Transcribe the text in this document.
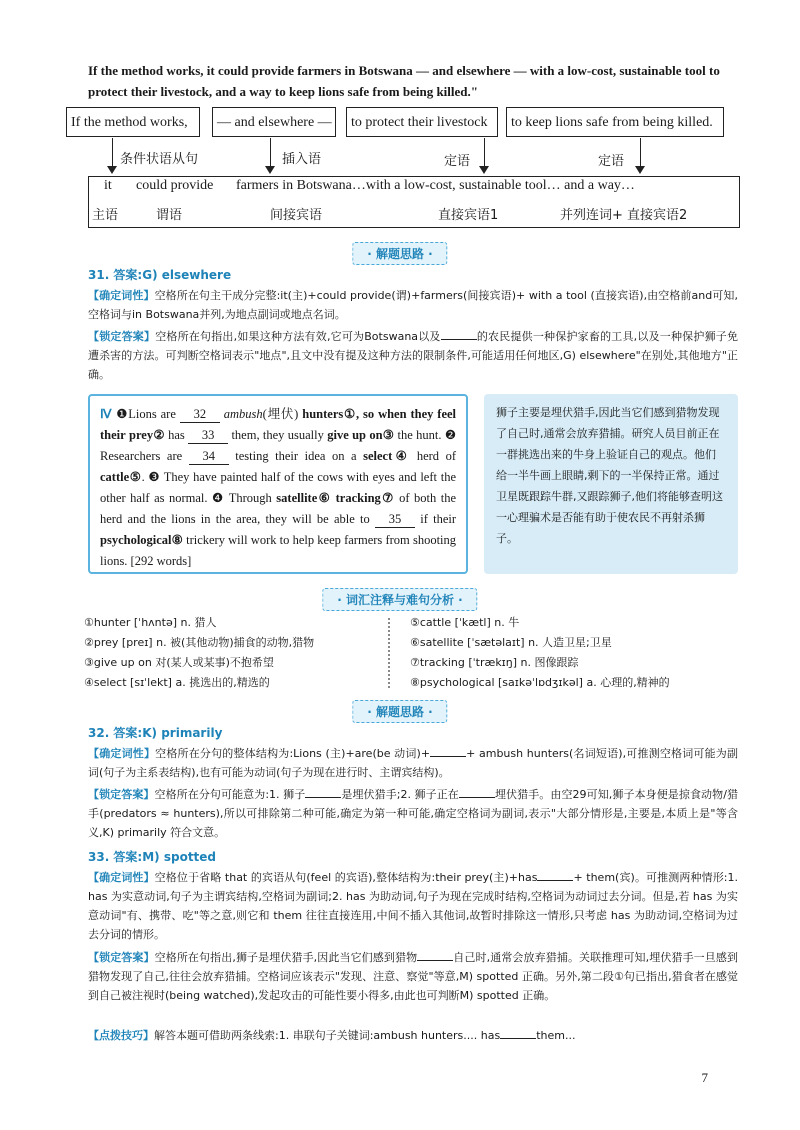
If the method works, it could provide farmers in Botswana — and elsewhere — with a low-cost, sustainable tool to protect their livestock, and a way to keep lions safe from being killed."
If the method works,	— and elsewhere —	to protect their livestock	to keep lions safe from being killed.
条件状语从句	插入语	定语	定语
it could provide farmers in Botswana…with a low-cost, sustainable tool… and a way…
主语	谓语	间接宾语	直接宾语1	并列连词+ 直接宾语2
· 解题思路 ·
31. 答案:G) elsewhere
【确定词性】空格所在句主干成分完整:it(主)+could provide(谓)+farmers(间接宾语)+ with a tool (直接宾语),由空格前and可知,空格词与in Botswana并列,为地点副词或地点名词。
【锁定答案】空格所在句指出,如果这种方法有效,它可为Botswana以及	的农民提供一种保护家畜的工具,以及一种保护狮子免遭杀害的方法。可判断空格词表示"地点",且文中没有提及这种方法的限制条件,可能适用任何地区,G) elsewhere"在别处,其他地方"正确。
Ⅳ ❶Lions are 32 ambush(埋伏) hunters①, so when they feel their prey② has 33 them, they usually give up on③ the hunt. ❷ Researchers are 34 testing their idea on a select④ herd of cattle⑤. ❸ They have painted half of the cows with eyes and left the other half as normal. ❹ Through satellite⑥ tracking⑦ of both the herd and the lions in the area, they will be able to 35 if their psychological⑧ trickery will work to help keep farmers from shooting lions. [292 words]
狮子主要是埋伏猎手,因此当它们感到猎物发现了自己时,通常会放弃猎捕。研究人员目前正在一群挑选出来的牛身上验证自己的观点。他们给一半牛画上眼睛,剩下的一半保持正常。通过卫星既跟踪牛群,又跟踪狮子,他们将能够查明这一心理骗术是否能有助于使农民不再射杀狮子。
· 词汇注释与难句分析 ·
①hunter [ˈhʌntə] n. 猎人
②prey [preɪ] n. 被(其他动物)捕食的动物,猎物
③give up on 对(某人或某事)不抱希望
④select [sɪˈlekt] a. 挑选出的,精选的
⑤cattle [ˈkætl] n. 牛
⑥satellite [ˈsætəlaɪt] n. 人造卫星;卫星
⑦tracking [ˈtrækɪŋ] n. 图像跟踪
⑧psychological [saɪkəˈlɒdʒɪkəl] a. 心理的,精神的
· 解题思路 ·
32. 答案:K) primarily
【确定词性】空格所在分句的整体结构为:Lions (主)+are(be 动词)+	+ ambush hunters(名词短语),可推测空格词可能为副词(句子为主系表结构),也有可能为动词(句子为现在进行时、主谓宾结构)。
【锁定答案】空格所在分句可能意为:1. 狮子	是埋伏猎手;2. 狮子正在	埋伏猎手。由空29可知,狮子本身便是掠食动物/猎手(predators ≈ hunters),所以可排除第二种可能,确定为第一种可能,确定空格词为副词,表示"大部分情形是,主要是,本质上是"等含义,K) primarily 符合文意。
33. 答案:M) spotted
【确定词性】空格位于省略 that 的宾语从句(feel 的宾语),整体结构为:their prey(主)+has	+ them(宾)。可推测两种情形:1. has 为实意动词,句子为主谓宾结构,空格词为副词;2. has 为助动词,句子为现在完成时结构,空格词为动词过去分词。但是,若 has 为实意动词"有、携带、吃"等之意,则它和 them 往往直接连用,中间不插入其他词,故暂时排除这一情形,只考虑 has 为助动词,空格词为过去分词的情形。
【锁定答案】空格所在句指出,狮子是埋伏猎手,因此当它们感到猎物	自己时,通常会放弃猎捕。关联推理可知,埋伏猎手一旦感到猎物发现了自己,往往会放弃猎捕。空格词应该表示"发现、注意、察觉"等意,M) spotted 正确。另外,第二段①句已指出,猎食者在感觉到自己被注视时(being watched),发起攻击的可能性要小得多,由此也可判断M) spotted 正确。
【点拨技巧】解答本题可借助两条线索:1. 串联句子关键词:ambush hunters.... has	them...
7
